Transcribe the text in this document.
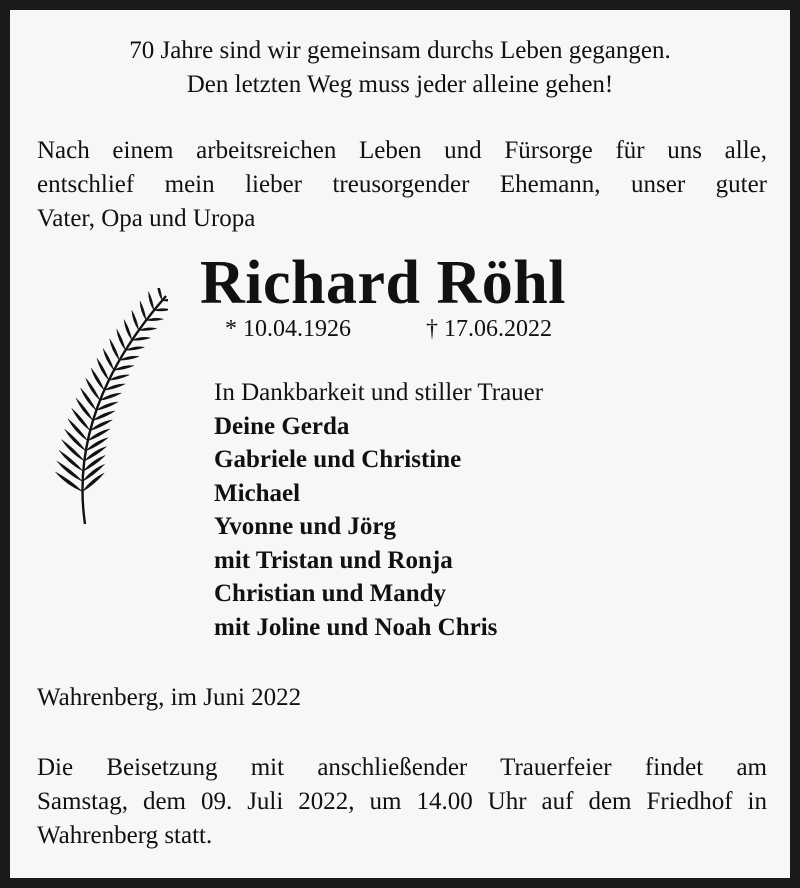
70 Jahre sind wir gemeinsam durchs Leben gegangen.
Den letzten Weg muss jeder alleine gehen!
Nach einem arbeitsreichen Leben und Fürsorge für uns alle,
entschlief mein lieber treusorgender Ehemann, unser guter
Vater, Opa und Uropa
Richard Röhl
* 10.04.1926	† 17.06.2022
In Dankbarkeit und stiller Trauer
Deine Gerda
Gabriele und Christine
Michael
Yvonne und Jörg
mit Tristan und Ronja
Christian und Mandy
mit Joline und Noah Chris
Wahrenberg, im Juni 2022
Die Beisetzung mit anschließender Trauerfeier findet am
Samstag, dem 09. Juli 2022, um 14.00 Uhr auf dem Friedhof in
Wahrenberg statt.
